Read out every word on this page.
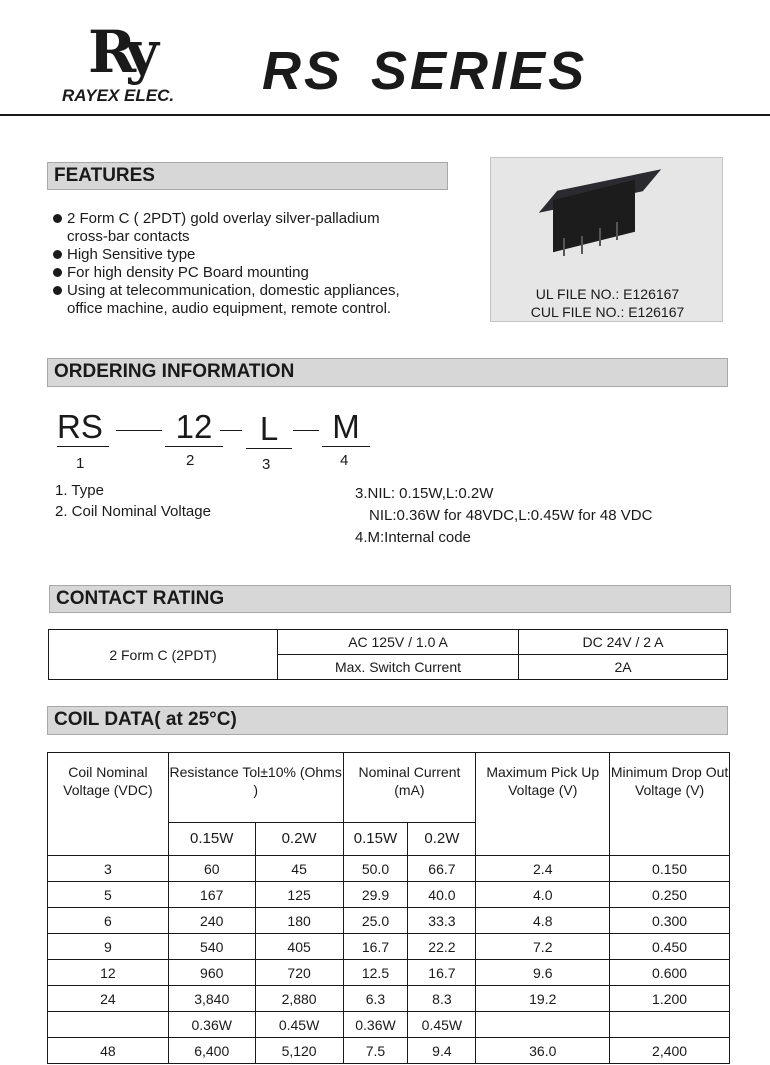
Ry
RAYEX ELEC. RS SERIES
FEATURES
2 Form C ( 2PDT) gold overlay silver-palladium
cross-bar contacts
High Sensitive type
For high density PC Board mounting
Using at telecommunication, domestic appliances,
office machine, audio equipment, remote control.
UL FILE NO.: E126167
CUL FILE NO.: E126167
ORDERING INFORMATION
RS	12	L	M
1	2	3	4
1. Type
2. Coil Nominal Voltage
3.NIL: 0.15W,L:0.2W
NIL:0.36W for 48VDC,L:0.45W for 48 VDC
4.M:Internal code
CONTACT RATING
2 Form C (2PDT)	AC 125V / 1.0 A	DC 24V / 2 A
	Max. Switch Current	2A
COIL DATA( at 25°C)
Coil Nominal Voltage (VDC)	Resistance Tol±10% (Ohms )		Nominal Current (mA)		Maximum Pick Up Voltage (V)	Minimum Drop Out Voltage (V)
	0.15W	0.2W	0.15W	0.2W		
3	60	45	50.0	66.7	2.4	0.150
5	167	125	29.9	40.0	4.0	0.250
6	240	180	25.0	33.3	4.8	0.300
9	540	405	16.7	22.2	7.2	0.450
12	960	720	12.5	16.7	9.6	0.600
24	3,840	2,880	6.3	8.3	19.2	1.200
	0.36W	0.45W	0.36W	0.45W		
48	6,400	5,120	7.5	9.4	36.0	2,400
